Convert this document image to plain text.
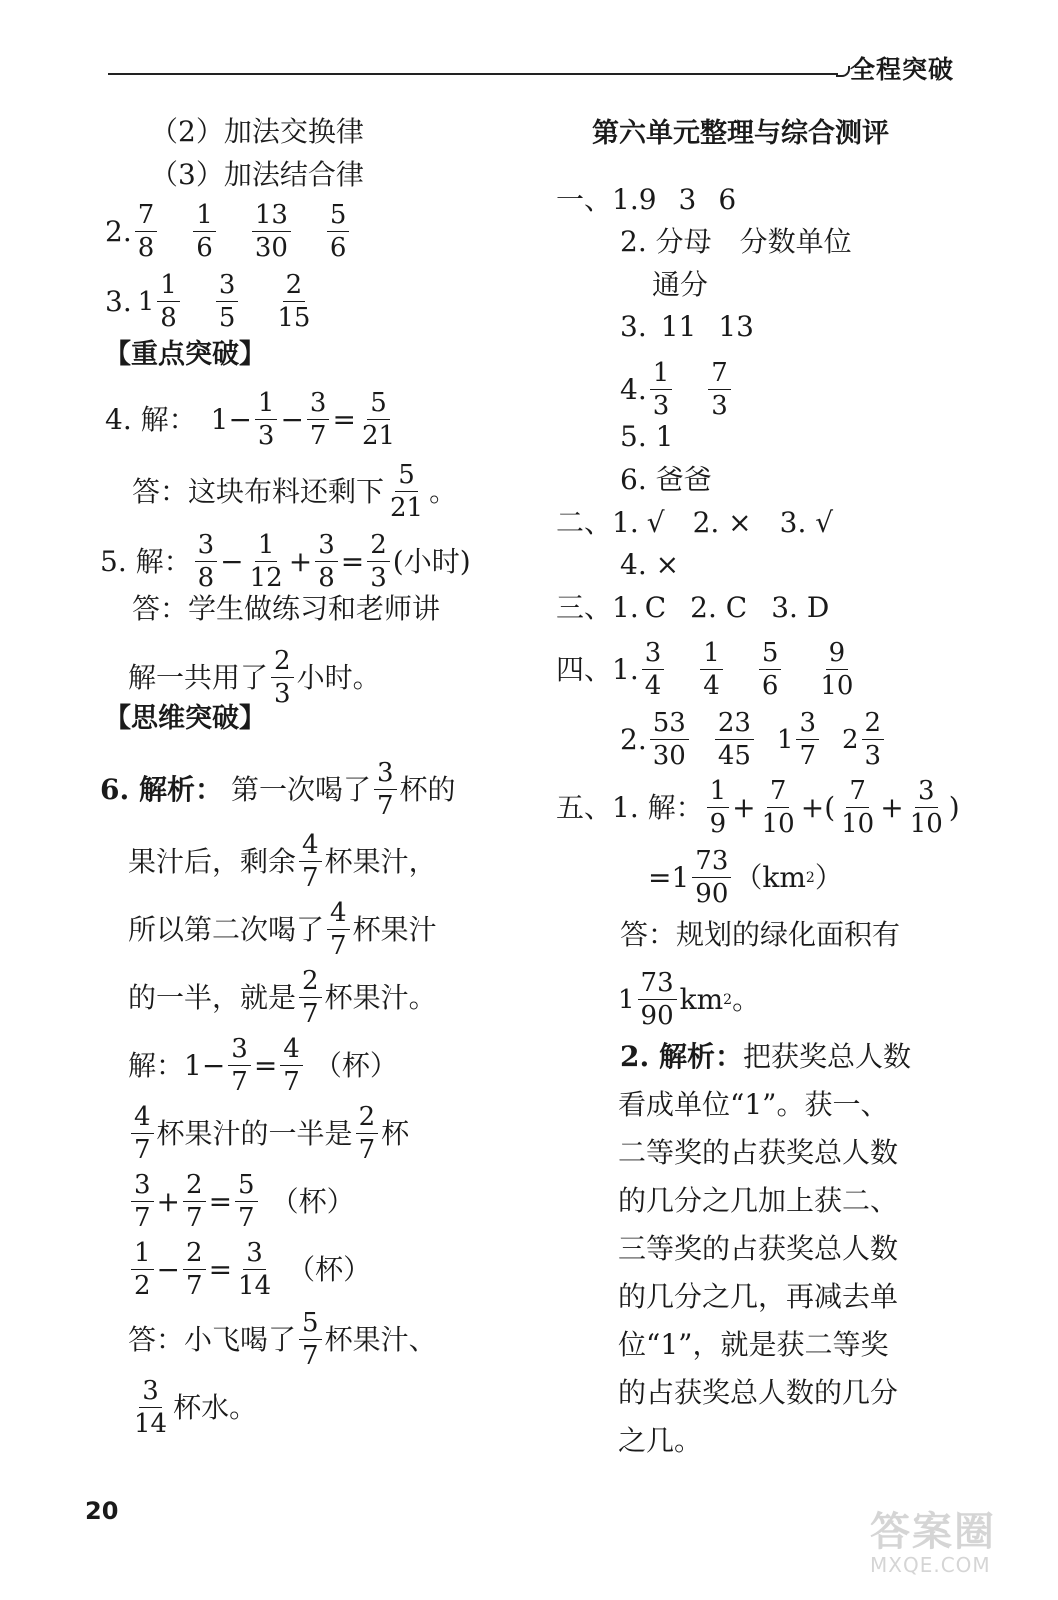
全程突破
（2）加法交换律
（3）加法结合律
2. 7
8
1
6
13
30
5
6
3. 1
1
8
3
5
2
15
【重点突破】
4. 解： $1- \frac{1}{3} - \frac{3}{7} = \frac{5}{21}$
答：这块布料还剩下 5
21
。
5. 解： 3
8
− $\frac{1}{12} + \frac{3}{8} = \frac{2}{3}$ (小时)
答：学生做练习和老师讲
解一共用了 2
3
小时。
【思维突破】
6. 解析： 第一次喝了 3
7
杯的
果汁后，剩余 4
7
杯果汁，
所以第二次喝了 4
7
杯果汁
的一半，就是 2
7
杯果汁。
解：$1- \frac{3}{7} = \frac{4}{7}$ （杯）
4
7
杯果汁的一半是 2
7
杯
3
7
+ $\frac{2}{7} = \frac{5}{7}$ （杯）
1
2
− $\frac{2}{7} = \frac{3}{14}$ （杯）
答：小飞喝了 5
7
杯果汁、
3
14
杯水。
第六单元整理与综合测评
一、1. 9 3 6
2. 分母　分数单位
通分
3. 11 13
4. 1
3
7
3
5. 1
6. 爸爸
二、1. √ 2. × 3. √
4. ×
三、1. C 2. C 3. D
四、1. 3
4
1
4
5
6
9
10
2. 53
30
23
45
1
3
7
2
2
3
五、1. 解： 1
9
+ $\frac{7}{10}$ +( 7
10
+ $\frac{3}{10}$ )
=1 73
90
（km 2 ）
答：规划的绿化面积有
1
73
90
km 2 。
2. 解析： 把获奖总人数
看成单位“1”。获一、
二等奖的占获奖总人数
的几分之几加上获二、
三等奖的占获奖总人数
的几分之几，再减去单
位“1”，就是获二等奖
的占获奖总人数的几分
之几。
20	答案圈
MXQE.COM
